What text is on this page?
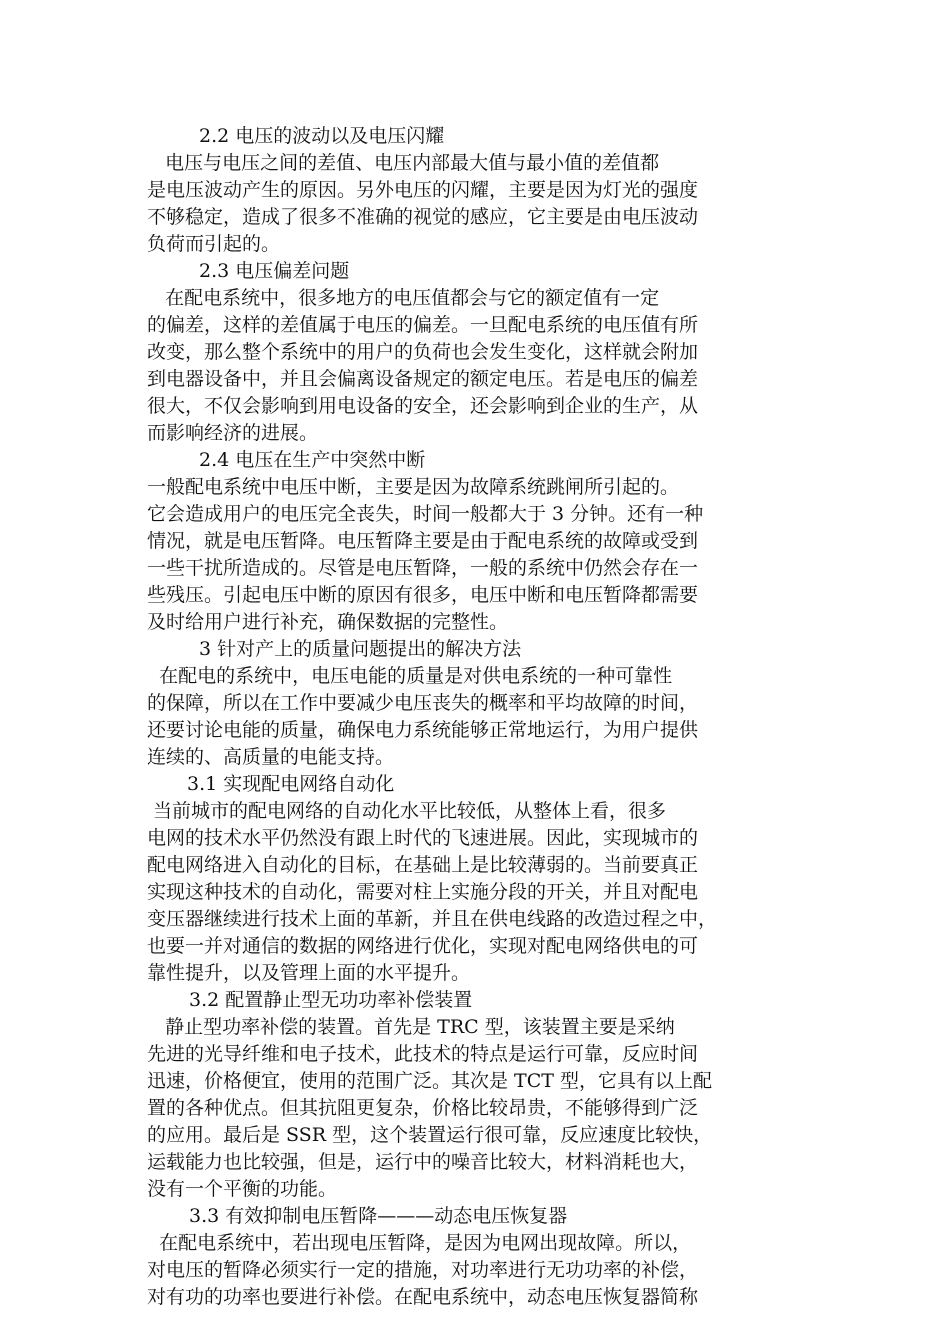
2.2 电压的波动以及电压闪耀
电压与电压之间的差值、电压内部最大值与最小值的差值都
是电压波动产生的原因。另外电压的闪耀，主要是因为灯光的强度
不够稳定，造成了很多不准确的视觉的感应，它主要是由电压波动
负荷而引起的。
2.3 电压偏差问题
在配电系统中，很多地方的电压值都会与它的额定值有一定
的偏差，这样的差值属于电压的偏差。一旦配电系统的电压值有所
改变，那么整个系统中的用户的负荷也会发生变化，这样就会附加
到电器设备中，并且会偏离设备规定的额定电压。若是电压的偏差
很大，不仅会影响到用电设备的安全，还会影响到企业的生产，从
而影响经济的进展。
2.4 电压在生产中突然中断
一般配电系统中电压中断，主要是因为故障系统跳闸所引起的。
它会造成用户的电压完全丧失，时间一般都大于 3 分钟。还有一种
情况，就是电压暂降。电压暂降主要是由于配电系统的故障或受到
一些干扰所造成的。尽管是电压暂降，一般的系统中仍然会存在一
些残压。引起电压中断的原因有很多，电压中断和电压暂降都需要
及时给用户进行补充，确保数据的完整性。
3 针对产上的质量问题提出的解决方法
在配电的系统中，电压电能的质量是对供电系统的一种可靠性
的保障，所以在工作中要减少电压丧失的概率和平均故障的时间，
还要讨论电能的质量，确保电力系统能够正常地运行，为用户提供
连续的、高质量的电能支持。
3.1 实现配电网络自动化
当前城市的配电网络的自动化水平比较低，从整体上看，很多
电网的技术水平仍然没有跟上时代的飞速进展。因此，实现城市的
配电网络进入自动化的目标，在基础上是比较薄弱的。当前要真正
实现这种技术的自动化，需要对柱上实施分段的开关，并且对配电
变压器继续进行技术上面的革新，并且在供电线路的改造过程之中，
也要一并对通信的数据的网络进行优化，实现对配电网络供电的可
靠性提升，以及管理上面的水平提升。
3.2 配置静止型无功功率补偿装置
静止型功率补偿的装置。首先是 TRC 型，该装置主要是采纳
先进的光导纤维和电子技术，此技术的特点是运行可靠，反应时间
迅速，价格便宜，使用的范围广泛。其次是 TCT 型，它具有以上配
置的各种优点。但其抗阻更复杂，价格比较昂贵，不能够得到广泛
的应用。最后是 SSR 型，这个装置运行很可靠，反应速度比较快，
运载能力也比较强，但是，运行中的噪音比较大，材料消耗也大，
没有一个平衡的功能。
3.3 有效抑制电压暂降———动态电压恢复器
在配电系统中，若出现电压暂降，是因为电网出现故障。所以，
对电压的暂降必须实行一定的措施，对功率进行无功功率的补偿，
对有功的功率也要进行补偿。在配电系统中，动态电压恢复器简称
